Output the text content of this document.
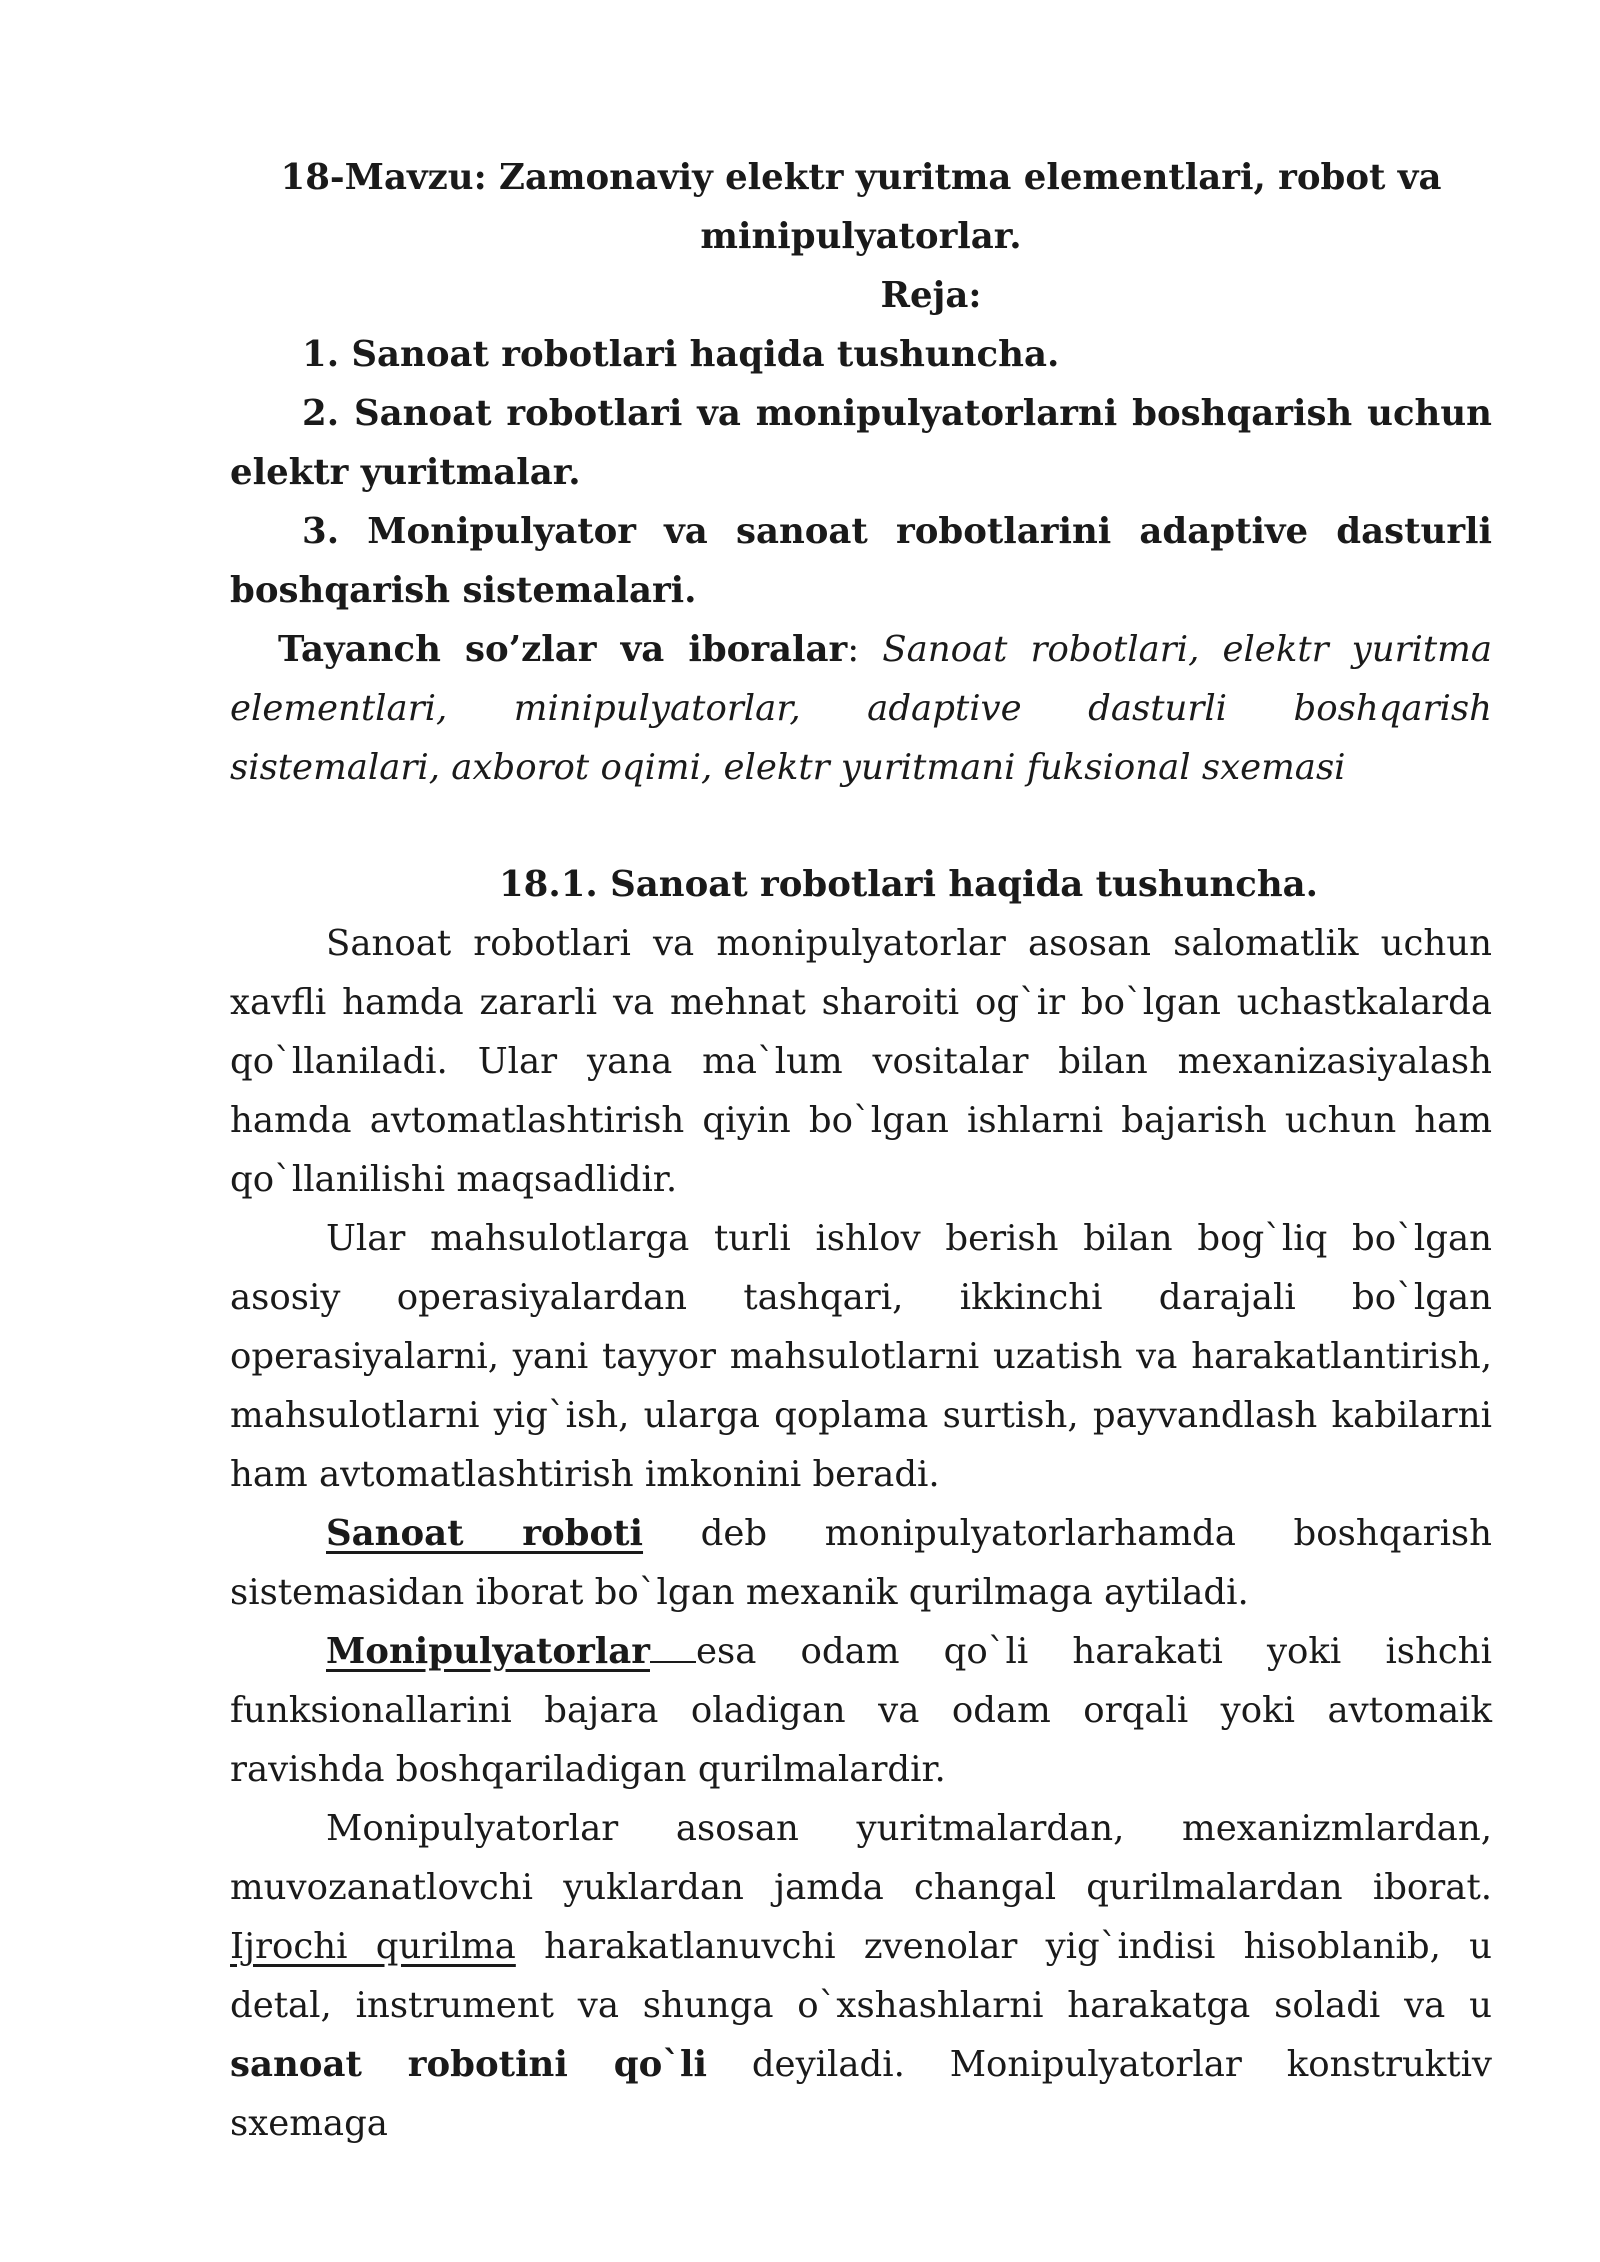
18-Mavzu: Zamonaviy elektr yuritma elementlari, robot va
minipulyatorlar.

Reja:

1. Sanoat robotlari haqida tushuncha.

2. Sanoat robotlari va monipulyatorlarni boshqarish uchun elektr yuritmalar.

3. Monipulyator va sanoat robotlarini adaptive dasturli boshqarish sistemalari.

Tayanch so’zlar va iboralar: Sanoat robotlari, elektr yuritma elementlari, minipulyatorlar, adaptive dasturli boshqarish sistemalari, axborot oqimi, elektr yuritmani fuksional sxemasi

18.1. Sanoat robotlari haqida tushuncha.

Sanoat robotlari va monipulyatorlar asosan salomatlik uchun xavfli hamda zararli va mehnat sharoiti og`ir bo`lgan uchastkalarda qo`llaniladi. Ular yana ma`lum vositalar bilan mexanizasiyalash hamda avtomatlashtirish qiyin bo`lgan ishlarni bajarish uchun ham qo`llanilishi maqsadlidir.

Ular mahsulotlarga turli ishlov berish bilan bog`liq bo`lgan asosiy operasiyalardan tashqari, ikkinchi darajali bo`lgan operasiyalarni, yani tayyor mahsulotlarni uzatish va harakatlantirish, mahsulotlarni yig`ish, ularga qoplama surtish, payvandlash kabilarni ham avtomatlashtirish imkonini beradi.

Sanoat roboti deb monipulyatorlarhamda boshqarish sistemasidan iborat bo`lgan mexanik qurilmaga aytiladi.

Monipulyatorlar esa odam qo`li harakati yoki ishchi funksionallarini bajara oladigan va odam orqali yoki avtomaik ravishda boshqariladigan qurilmalardir.

Monipulyatorlar asosan yuritmalardan, mexanizmlardan, muvozanatlovchi yuklardan jamda changal qurilmalardan iborat. Ijrochi qurilma harakatlanuvchi zvenolar yig`indisi hisoblanib, u detal, instrument va shunga o`xshashlarni harakatga soladi va u sanoat robotini qo`li deyiladi. Monipulyatorlar konstruktiv sxemaga
